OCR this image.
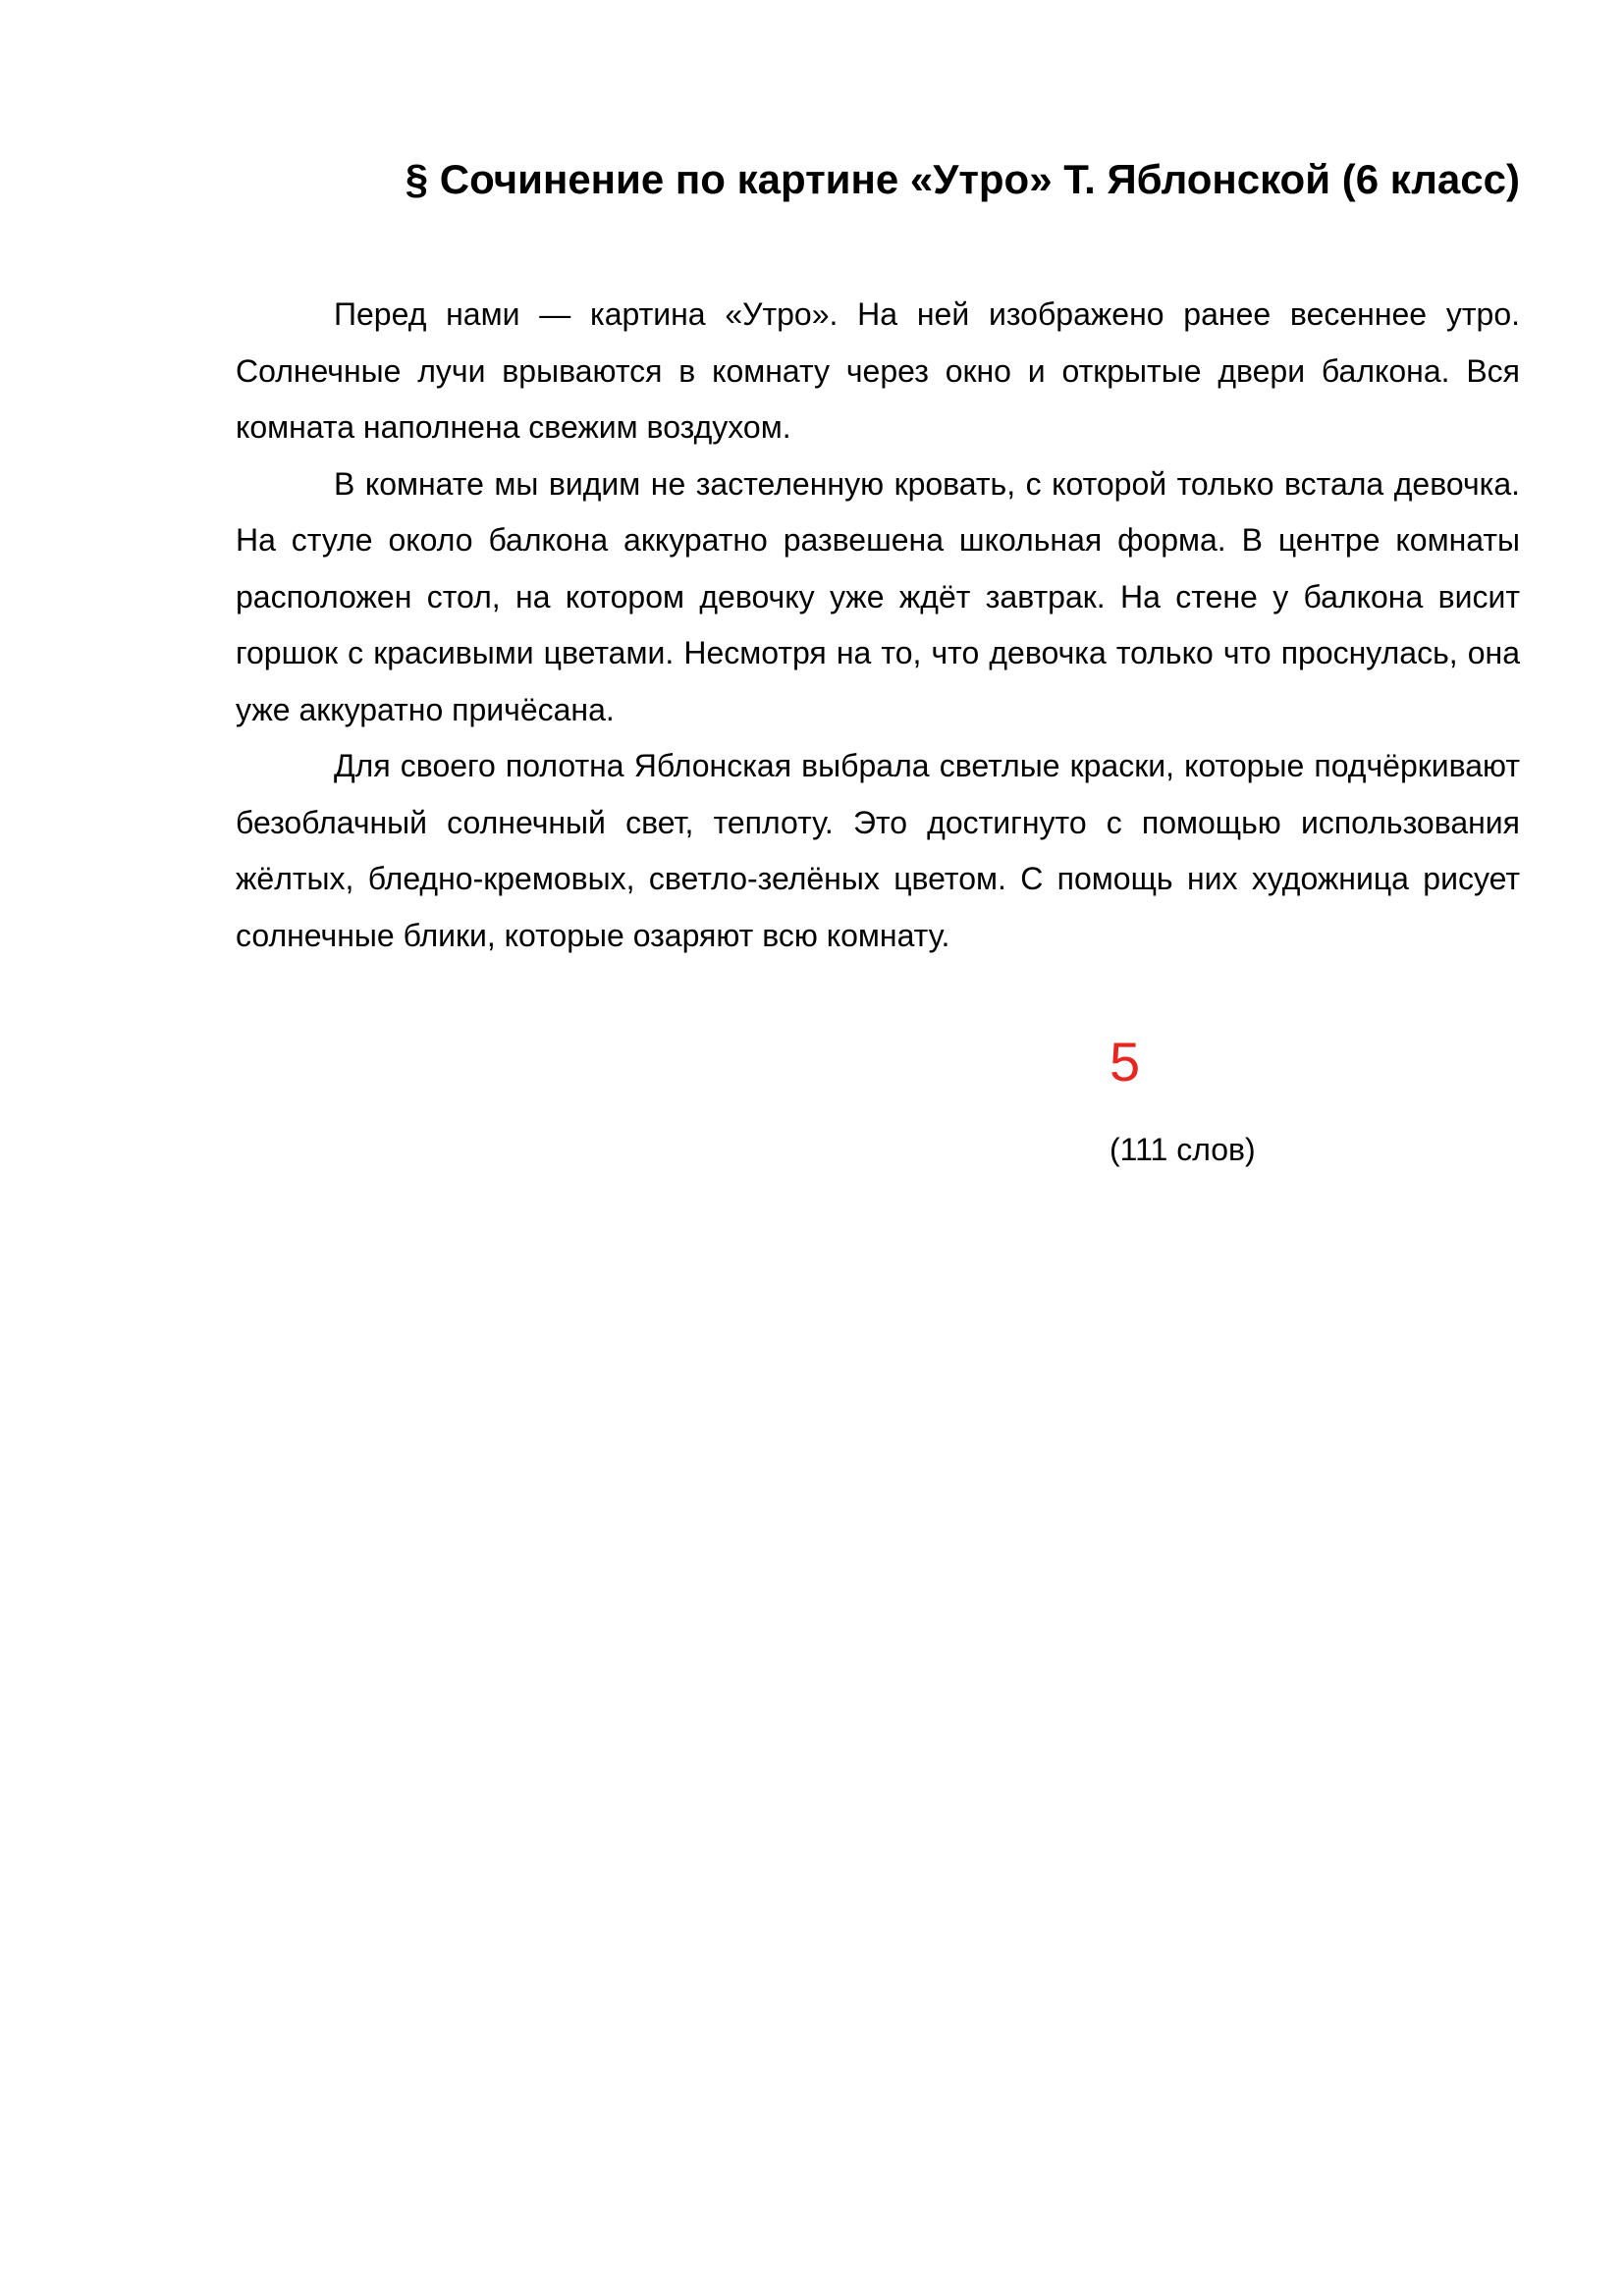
§ Сочинение по картине «Утро» Т. Яблонской (6 класс)

Перед нами — картина «Утро». На ней изображено ранее весеннее утро. Солнечные лучи врываются в комнату через окно и открытые двери балкона. Вся комната наполнена свежим воздухом.

В комнате мы видим не застеленную кровать, с которой только встала девочка. На стуле около балкона аккуратно развешена школьная форма. В центре комнаты расположен стол, на котором девочку уже ждёт завтрак. На стене у балкона висит горшок с красивыми цветами. Несмотря на то, что девочка только что проснулась, она уже аккуратно причёсана.

Для своего полотна Яблонская выбрала светлые краски, которые подчёркивают безоблачный солнечный свет, теплоту. Это достигнуто с помощью использования жёлтых, бледно-кремовых, светло-зелёных цветом. С помощь них художница рисует солнечные блики, которые озаряют всю комнату.

5
(111 слов)
